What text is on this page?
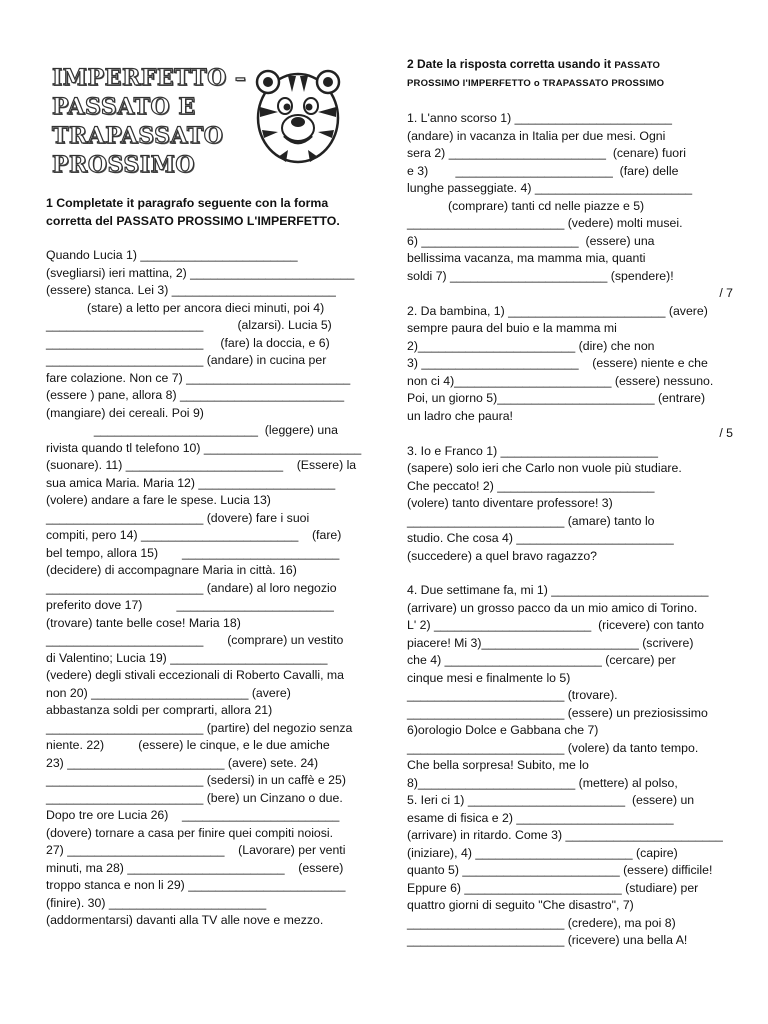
IMPERFETTO –
PASSATO E
TRAPASSATO
PROSSIMO
1 Completate it paragrafo seguente con la forma corretta del PASSATO PROSSIMO L'IMPERFETTO.

Quando Lucia 1) _______________________

(svegliarsi) ieri mattina, 2) ________________________

(essere) stanca. Lei 3) ________________________

(stare) a letto per ancora dieci minuti, poi 4)

_______________________          (alzarsi). Lucia 5)

_______________________     (fare) la doccia, e 6)

_______________________ (andare) in cucina per

fare colazione. Non ce 7) ________________________

(essere ) pane, allora 8) ________________________

(mangiare) dei cereali. Poi 9)

________________________  (leggere) una

rivista quando tl telefono 10) _______________________

(suonare). 11) _______________________    (Essere) la

sua amica Maria. Maria 12) ____________________

(volere) andare a fare le spese. Lucia 13)

_______________________ (dovere) fare i suoi

compiti, pero 14) _______________________    (fare)

bel tempo, allora 15)       _______________________

(decidere) di accompagnare Maria in città. 16)

_______________________ (andare) al loro negozio

preferito dove 17)          _______________________

(trovare) tante belle cose! Maria 18)

_______________________       (comprare) un vestito

di Valentino; Lucia 19) _______________________

(vedere) degli stivali eccezionali di Roberto Cavalli, ma

non 20) _______________________ (avere)

abbastanza soldi per comprarti, allora 21)

_______________________ (partire) del negozio senza

niente. 22)          (essere) le cinque, e le due amiche

23) _______________________ (avere) sete. 24)

_______________________ (sedersi) in un caffè e 25)

_______________________ (bere) un Cinzano o due.

Dopo tre ore Lucia 26)    _______________________

(dovere) tornare a casa per finire quei compiti noiosi.

27) _______________________    (Lavorare) per venti

minuti, ma 28) _______________________    (essere)

troppo stanca e non li 29) _______________________

(finire). 30) _______________________

(addormentarsi) davanti alla TV alle nove e mezzo.

2 Date la risposta corretta usando it PASSATO
PROSSIMO l'IMPERFETTO o TRAPASSATO PROSSIMO

1. L'anno scorso 1) _______________________

(andare) in vacanza in Italia per due mesi. Ogni

sera 2) _______________________  (cenare) fuori

e 3)        _______________________  (fare) delle

lunghe passeggiate. 4) _______________________

(comprare) tanti cd nelle piazze e 5)

_______________________ (vedere) molti musei.

6) _______________________  (essere) una

bellissima vacanza, ma mamma mia, quanti

soldi 7) _______________________ (spendere)!

/ 7

2. Da bambina, 1) _______________________ (avere)

sempre paura del buio e la mamma mi

2)_______________________ (dire) che non

3) _______________________    (essere) niente e che

non ci 4)_______________________ (essere) nessuno.

Poi, un giorno 5)_______________________ (entrare)

un ladro che paura!

/ 5

3. Io e Franco 1) _______________________

(sapere) solo ieri che Carlo non vuole più studiare.

Che peccato! 2) _______________________

(volere) tanto diventare professore! 3)

_______________________ (amare) tanto lo

studio. Che cosa 4) _______________________

(succedere) a quel bravo ragazzo?

4. Due settimane fa, mi 1) _______________________

(arrivare) un grosso pacco da un mio amico di Torino.

L' 2) _______________________  (ricevere) con tanto

piacere! Mi 3)_______________________ (scrivere)

che 4) _______________________ (cercare) per

cinque mesi e finalmente lo 5)

_______________________ (trovare).

_______________________ (essere) un preziosissimo

6)orologio Dolce e Gabbana che 7)

_______________________ (volere) da tanto tempo.

Che bella sorpresa! Subito, me lo

8)_______________________ (mettere) al polso,

5. Ieri ci 1) _______________________  (essere) un

esame di fisica e 2) _______________________

(arrivare) in ritardo. Come 3) _______________________

(iniziare), 4) _______________________ (capire)

quanto 5) _______________________ (essere) difficile!

Eppure 6) _______________________ (studiare) per

quattro giorni di seguito "Che disastro", 7)

_______________________ (credere), ma poi 8)

_______________________ (ricevere) una bella A!
